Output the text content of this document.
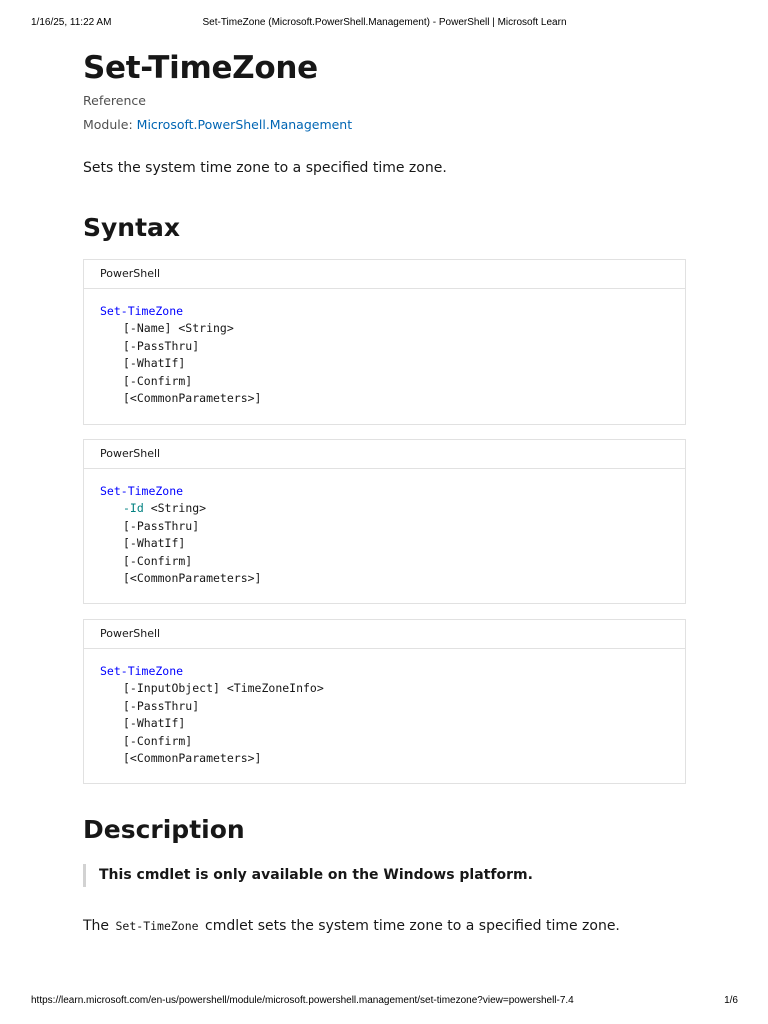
1/16/25, 11:22 AM	Set-TimeZone (Microsoft.PowerShell.Management) - PowerShell | Microsoft Learn
Set-TimeZone
Reference
Module: Microsoft.PowerShell.Management
Sets the system time zone to a specified time zone.
Syntax
PowerShell
Set-TimeZone

[-Name] <String>
[-PassThru]
[-WhatIf]
[-Confirm]
[<CommonParameters>]
PowerShell
Set-TimeZone

-Id <String>
[-PassThru]
[-WhatIf]
[-Confirm]
[<CommonParameters>]
PowerShell
Set-TimeZone

[-InputObject] <TimeZoneInfo>
[-PassThru]
[-WhatIf]
[-Confirm]
[<CommonParameters>]
Description
This cmdlet is only available on the Windows platform.
The Set-TimeZone cmdlet sets the system time zone to a specified time zone.
https://learn.microsoft.com/en-us/powershell/module/microsoft.powershell.management/set-timezone?view=powershell-7.4	1/6
